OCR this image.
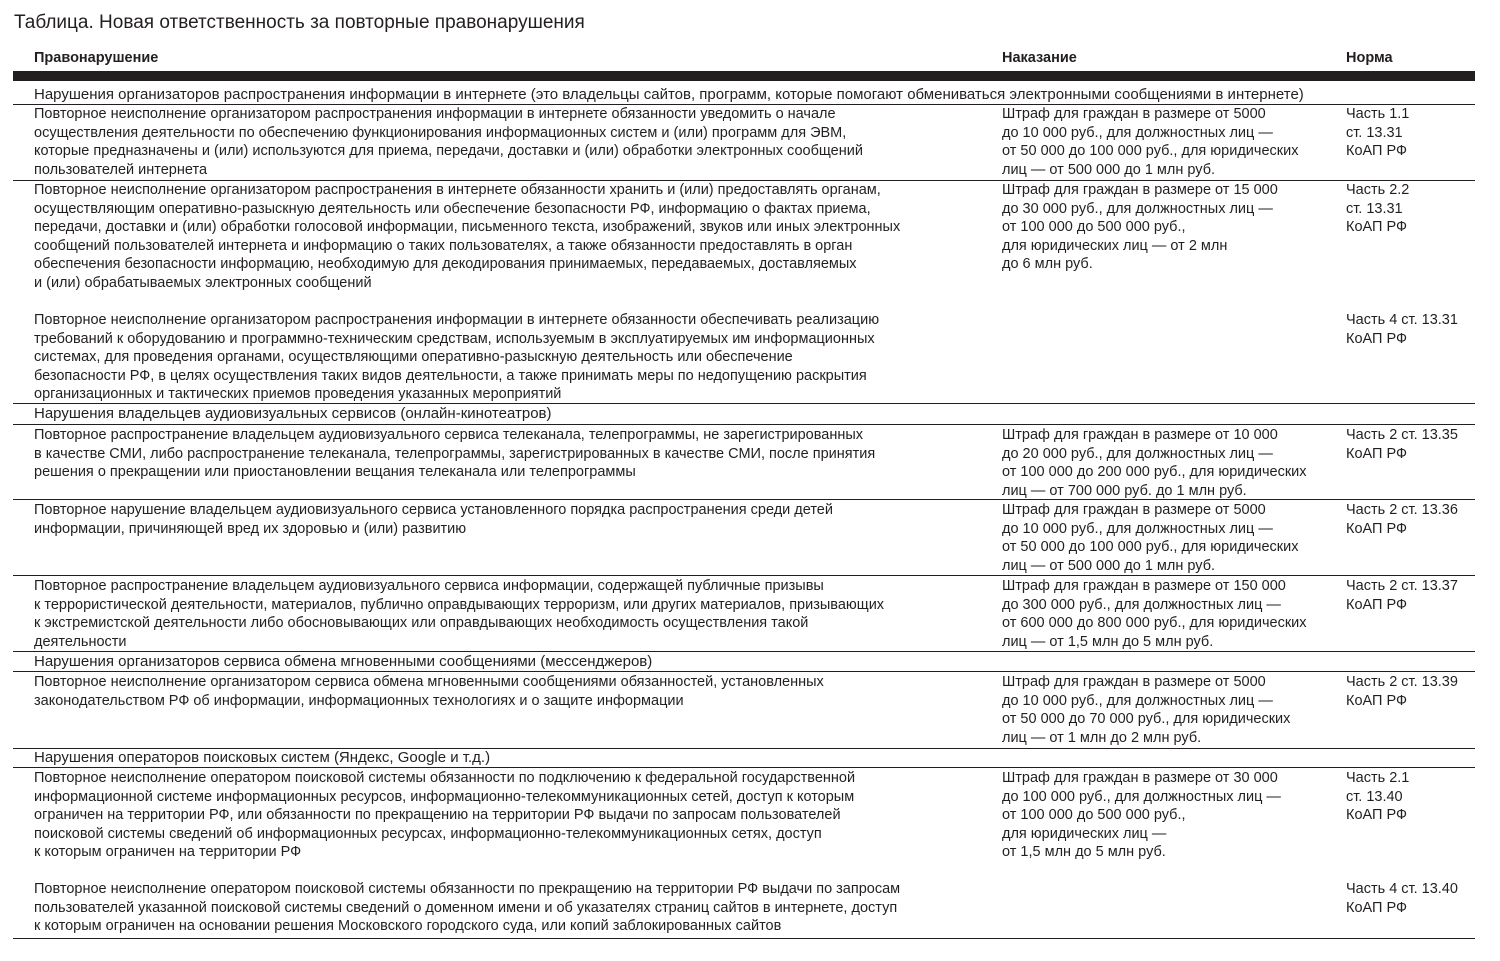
Таблица. Новая ответственность за повторные правонарушения
Правонарушение	Наказание	Норма
Нарушения организаторов распространения информации в интернете (это владельцы сайтов, программ, которые помогают обмениваться электронными сообщениями в интернете)
Повторное неисполнение организатором распространения информации в интернете обязанности уведомить о начале
осуществления деятельности по обеспечению функционирования информационных систем и (или) программ для ЭВМ,
которые предназначены и (или) используются для приема, передачи, доставки и (или) обработки электронных сообщений
пользователей интернета
Штраф для граждан в размере от 5000
до 10 000 руб., для должностных лиц —
от 50 000 до 100 000 руб., для юридических
лиц — от 500 000 до 1 млн руб.
Часть 1.1
ст. 13.31
КоАП РФ
Повторное неисполнение организатором распространения в интернете обязанности хранить и (или) предоставлять органам,
осуществляющим оперативно-разыскную деятельность или обеспечение безопасности РФ, информацию о фактах приема,
передачи, доставки и (или) обработки голосовой информации, письменного текста, изображений, звуков или иных электронных
сообщений пользователей интернета и информацию о таких пользователях, а также обязанности предоставлять в орган
обеспечения безопасности информацию, необходимую для декодирования принимаемых, передаваемых, доставляемых
и (или) обрабатываемых электронных сообщений
Штраф для граждан в размере от 15 000
до 30 000 руб., для должностных лиц —
от 100 000 до 500 000 руб.,
для юридических лиц — от 2 млн
до 6 млн руб.
Часть 2.2
ст. 13.31
КоАП РФ
Повторное неисполнение организатором распространения информации в интернете обязанности обеспечивать реализацию
требований к оборудованию и программно-техническим средствам, используемым в эксплуатируемых им информационных
системах, для проведения органами, осуществляющими оперативно-разыскную деятельность или обеспечение
безопасности РФ, в целях осуществления таких видов деятельности, а также принимать меры по недопущению раскрытия
организационных и тактических приемов проведения указанных мероприятий
Часть 4 ст. 13.31
КоАП РФ
Нарушения владельцев аудиовизуальных сервисов (онлайн-кинотеатров)
Повторное распространение владельцем аудиовизуального сервиса телеканала, телепрограммы, не зарегистрированных
в качестве СМИ, либо распространение телеканала, телепрограммы, зарегистрированных в качестве СМИ, после принятия
решения о прекращении или приостановлении вещания телеканала или телепрограммы
Штраф для граждан в размере от 10 000
до 20 000 руб., для должностных лиц —
от 100 000 до 200 000 руб., для юридических
лиц — от 700 000 руб. до 1 млн руб.
Часть 2 ст. 13.35
КоАП РФ
Повторное нарушение владельцем аудиовизуального сервиса установленного порядка распространения среди детей
информации, причиняющей вред их здоровью и (или) развитию
Штраф для граждан в размере от 5000
до 10 000 руб., для должностных лиц —
от 50 000 до 100 000 руб., для юридических
лиц — от 500 000 до 1 млн руб.
Часть 2 ст. 13.36
КоАП РФ
Повторное распространение владельцем аудиовизуального сервиса информации, содержащей публичные призывы
к террористической деятельности, материалов, публично оправдывающих терроризм, или других материалов, призывающих
к экстремистской деятельности либо обосновывающих или оправдывающих необходимость осуществления такой
деятельности
Штраф для граждан в размере от 150 000
до 300 000 руб., для должностных лиц —
от 600 000 до 800 000 руб., для юридических
лиц — от 1,5 млн до 5 млн руб.
Часть 2 ст. 13.37
КоАП РФ
Нарушения организаторов сервиса обмена мгновенными сообщениями (мессенджеров)
Повторное неисполнение организатором сервиса обмена мгновенными сообщениями обязанностей, установленных
законодательством РФ об информации, информационных технологиях и о защите информации
Штраф для граждан в размере от 5000
до 10 000 руб., для должностных лиц —
от 50 000 до 70 000 руб., для юридических
лиц — от 1 млн до 2 млн руб.
Часть 2 ст. 13.39
КоАП РФ
Нарушения операторов поисковых систем (Яндекс, Google и т.д.)
Повторное неисполнение оператором поисковой системы обязанности по подключению к федеральной государственной
информационной системе информационных ресурсов, информационно-телекоммуникационных сетей, доступ к которым
ограничен на территории РФ, или обязанности по прекращению на территории РФ выдачи по запросам пользователей
поисковой системы сведений об информационных ресурсах, информационно-телекоммуникационных сетях, доступ
к которым ограничен на территории РФ
Штраф для граждан в размере от 30 000
до 100 000 руб., для должностных лиц —
от 100 000 до 500 000 руб.,
для юридических лиц —
от 1,5 млн до 5 млн руб.
Часть 2.1
ст. 13.40
КоАП РФ
Повторное неисполнение оператором поисковой системы обязанности по прекращению на территории РФ выдачи по запросам
пользователей указанной поисковой системы сведений о доменном имени и об указателях страниц сайтов в интернете, доступ
к которым ограничен на основании решения Московского городского суда, или копий заблокированных сайтов
Часть 4 ст. 13.40
КоАП РФ
